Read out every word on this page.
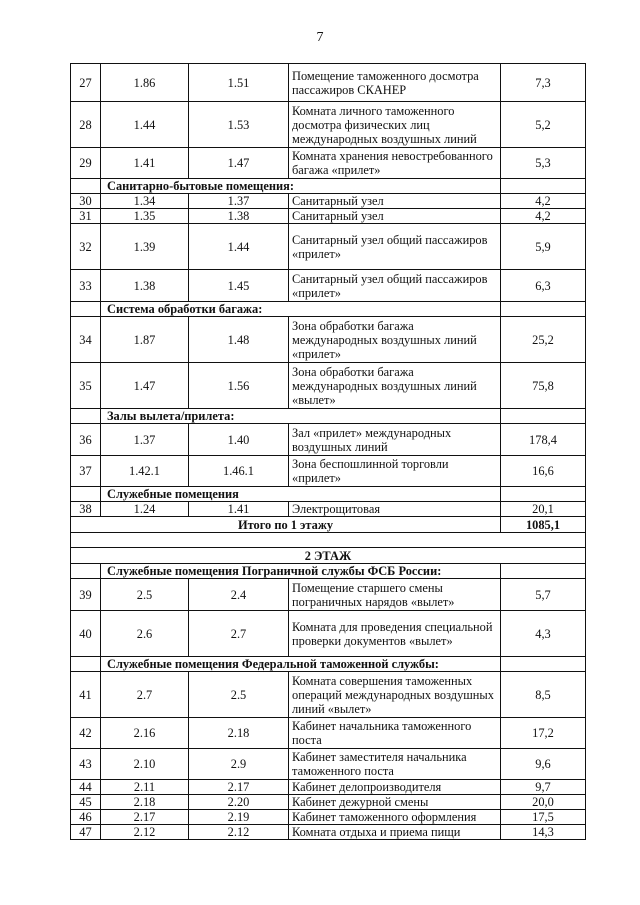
7
27	1.86	1.51	Помещение таможенного досмотра пассажиров СКАНЕР	7,3
28	1.44	1.53	Комната личного таможенного досмотра физических лиц международных воздушных линий	5,2
29	1.41	1.47	Комната хранения невостребованного багажа «прилет»	5,3
	Санитарно-бытовые помещения:			
30	1.34	1.37	Санитарный узел	4,2
31	1.35	1.38	Санитарный узел	4,2
32	1.39	1.44	Санитарный узел общий пассажиров «прилет»	5,9
33	1.38	1.45	Санитарный узел общий пассажиров «прилет»	6,3
	Система обработки багажа:			
34	1.87	1.48	Зона обработки багажа международных воздушных линий «прилет»	25,2
35	1.47	1.56	Зона обработки багажа международных воздушных линий «вылет»	75,8
	Залы вылета/прилета:			
36	1.37	1.40	Зал «прилет» международных воздушных линий	178,4
37	1.42.1	1.46.1	Зона беспошлинной торговли «прилет»	16,6
	Служебные помещения			
38	1.24	1.41	Электрощитовая	20,1
Итого по 1 этажу				1085,1

2 ЭТАЖ				
	Служебные помещения Пограничной службы ФСБ России:			
39	2.5	2.4	Помещение старшего смены пограничных нарядов «вылет»	5,7
40	2.6	2.7	Комната для проведения специальной проверки документов «вылет»	4,3
	Служебные помещения Федеральной таможенной службы:			
41	2.7	2.5	Комната совершения таможенных операций международных воздушных линий «вылет»	8,5
42	2.16	2.18	Кабинет начальника таможенного поста	17,2
43	2.10	2.9	Кабинет заместителя начальника таможенного поста	9,6
44	2.11	2.17	Кабинет делопроизводителя	9,7
45	2.18	2.20	Кабинет дежурной смены	20,0
46	2.17	2.19	Кабинет таможенного оформления	17,5
47	2.12	2.12	Комната отдыха и приема пищи	14,3
